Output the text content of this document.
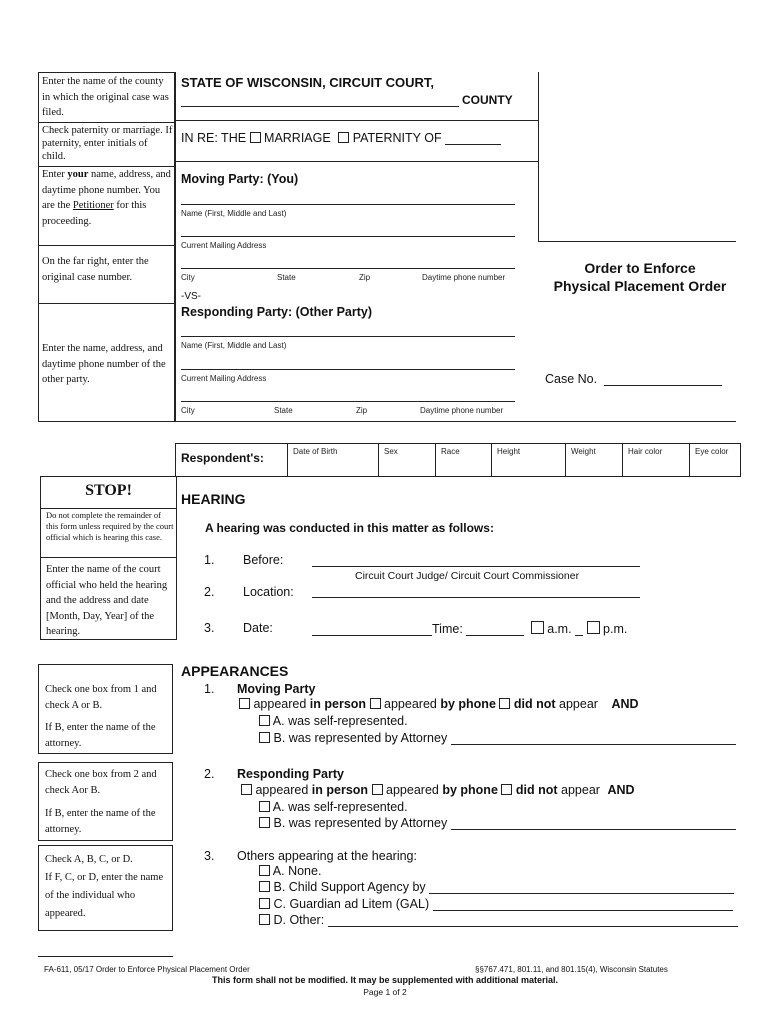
Enter the name of the county in which the original case was filed.
Check paternity or marriage. If paternity, enter initials of child.
Enter your name, address, and daytime phone number. You are the Petitioner for this proceeding.
On the far right, enter the original case number.
Enter the name, address, and daytime phone number of the other party.
STATE OF WISCONSIN, CIRCUIT COURT,
COUNTY
IN RE: THE MARRIAGE PATERNITY OF
Moving Party: (You)
Name (First, Middle and Last)
Current Mailing Address
City	State	Zip	Daytime phone number
-VS-
Responding Party: (Other Party)
Name (First, Middle and Last)
Current Mailing Address
City	State	Zip	Daytime phone number
Order to Enforce
Physical Placement Order
Case No.
Respondent's:	Date of Birth	Sex	Race	Height	Weight	Hair color	Eye color
STOP!
Do not complete the remainder of this form unless required by the court official which is hearing this case.
Enter the name of the court official who held the hearing and the address and date [Month, Day, Year] of the hearing.
HEARING
A hearing was conducted in this matter as follows:
1. Before:
Circuit Court Judge/ Circuit Court Commissioner
2. Location:
3. Date:	Time:	a.m.	p.m.
Check one box from 1 and check A or B.
If B, enter the name of the attorney.
Check one box from 2 and check Aor B.
If B, enter the name of the attorney.
Check A, B, C, or D.
If F, C, or D, enter the name of the individual who appeared.
APPEARANCES
1. Moving Party
appeared in person appeared by phone did not appear AND
A. was self-represented.
B. was represented by Attorney
2. Responding Party
appeared in person appeared by phone did not appear AND
A. was self-represented.
B. was represented by Attorney
3. Others appearing at the hearing:
A. None.
B. Child Support Agency by
C. Guardian ad Litem (GAL)
D. Other:
FA-611, 05/17 Order to Enforce Physical Placement Order	§§767.471, 801.11, and 801.15(4), Wisconsin Statutes
This form shall not be modified. It may be supplemented with additional material.
Page 1 of 2
